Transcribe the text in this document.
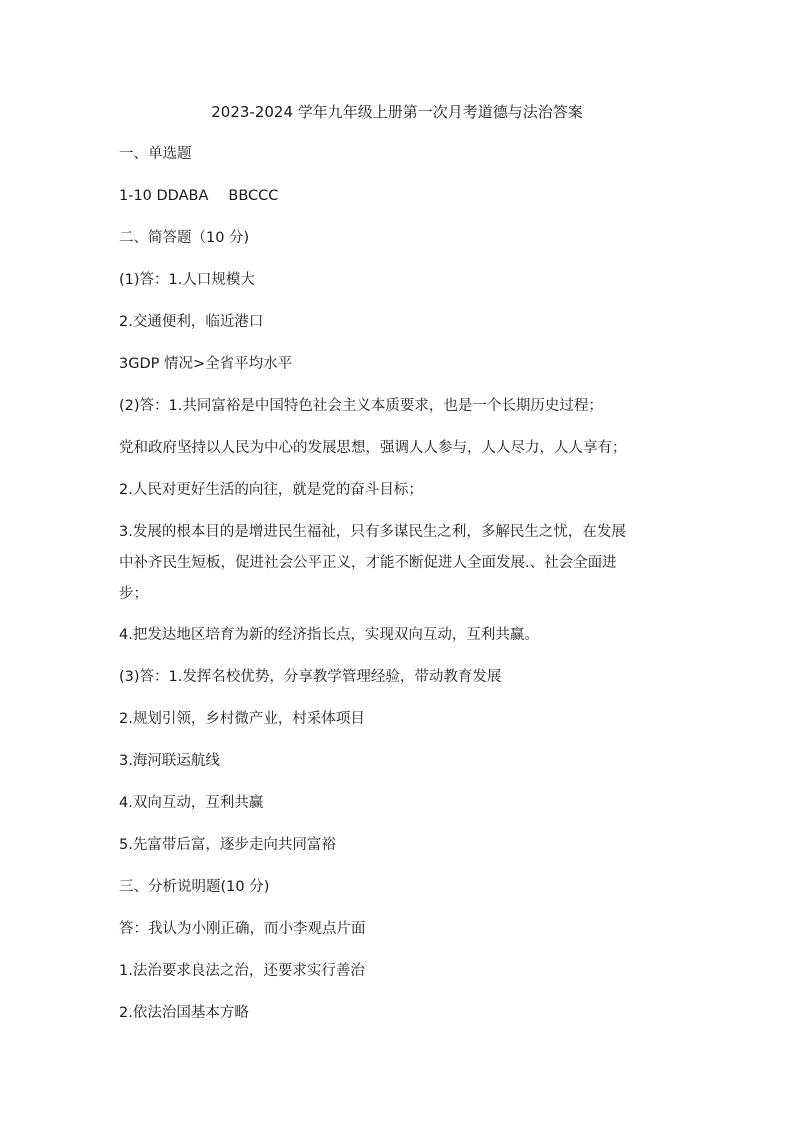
2023-2024 学年九年级上册第一次月考道德与法治答案
一、单选题
1-10 DDABA BBCCC
二、简答题（10 分)
(1)答：1.人口规模大
2.交通便利，临近港口
3GDP 情况>全省平均水平
(2)答：1.共同富裕是中国特色社会主义本质要求，也是一个长期历史过程；
党和政府坚持以人民为中心的发展思想，强调人人参与，人人尽力，人人享有；
2.人民对更好生活的向往，就是党的奋斗目标；
3.发展的根本目的是增进民生福祉，只有多谋民生之利，多解民生之忧，在发展
中补齐民生短板，促进社会公平正义，才能不断促进人全面发展.、社会全面进
步；
4.把发达地区培育为新的经济指长点，实现双向互动，互利共赢。
(3)答：1.发挥名校优势，分享教学管理经验，带动教育发展
2.规划引领，乡村微产业，村采体项目
3.海河联运航线
4.双向互动，互利共赢
5.先富带后富，逐步走向共同富裕
三、分析说明题(10 分)
答：我认为小刚正确，而小李观点片面
1.法治要求良法之治，还要求实行善治
2.依法治国基本方略
